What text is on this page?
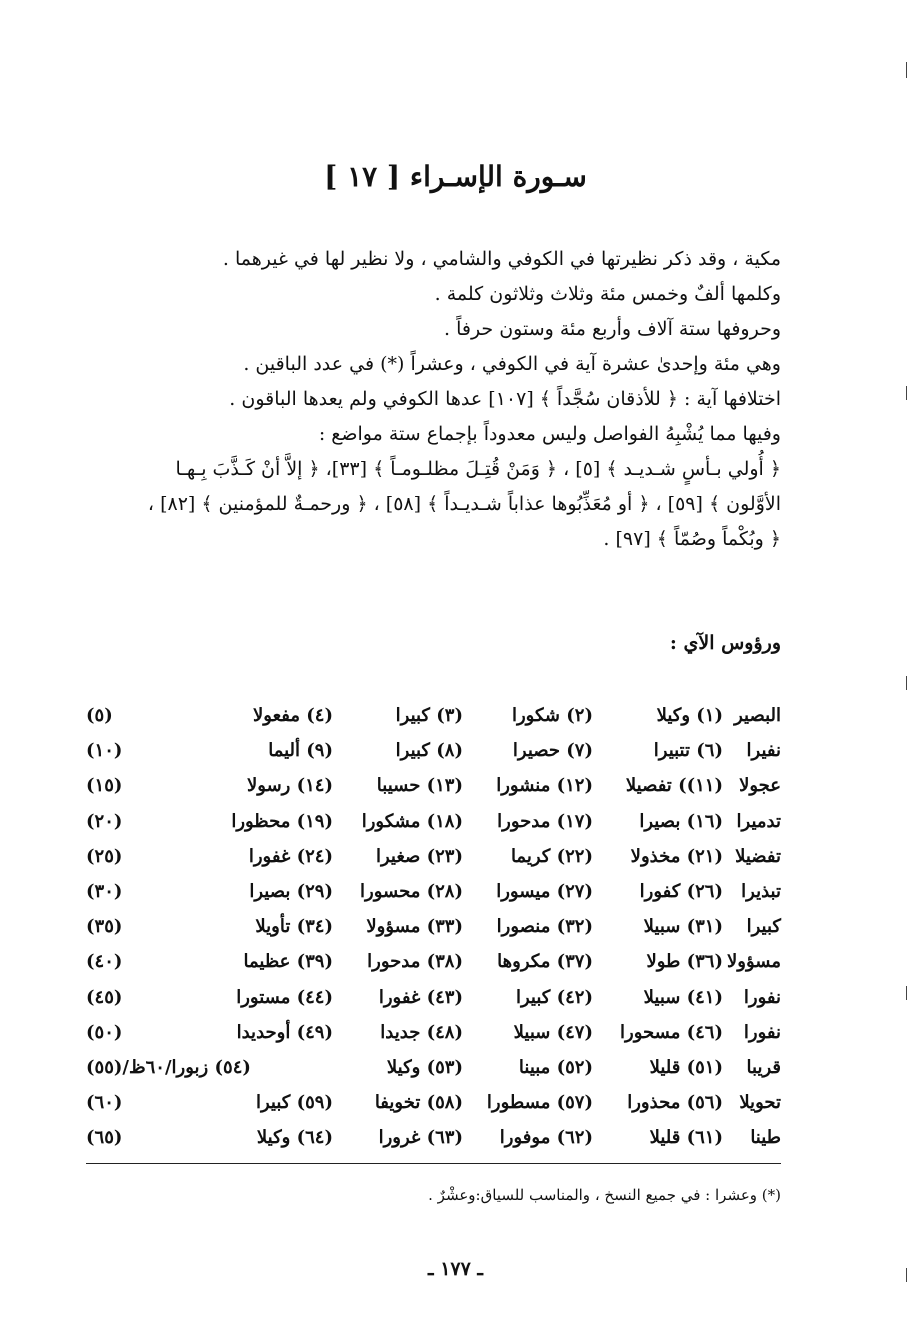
سـورة الإسـراء [ ١٧ ]

مكية ، وقد ذكر نظيرتها في الكوفي والشامي ، ولا نظير لها في غيرهما .

وكلمها ألفٌ وخمس مئة وثلاث وثلاثون كلمة .

وحروفها ستة آلاف وأربع مئة وستون حرفاً .

وهي مئة وإحدىٰ عشرة آية في الكوفي ، وعشراً (*) في عدد الباقين .

اختلافها آية : ﴿ للأذقان سُجَّداً ﴾ [١٠٧] عدها الكوفي ولم يعدها الباقون .

وفيها مما يُشْبِهُ الفواصل وليس معدوداً بإجماع ستة مواضع :

﴿ أُولي بـأسٍ شـديـد ﴾ [٥] ، ﴿ وَمَنْ قُتِـلَ مظلـومـاً ﴾ [٣٣]، ﴿ إلاَّ أنْ كَـذَّبَ بِـهـا

الأوَّلون ﴾ [٥٩] ، ﴿ أو مُعَذِّبُوها عذاباً شـديـداً ﴾ [٥٨] ، ﴿ ورحمـةٌ للمؤمنين ﴾ [٨٢] ،

﴿ وبُكْماً وصُمّاً ﴾ [٩٧] .

ورؤوس الآي :
البصير
(١) وكيلا
(٢) شكورا
(٣) كبيرا
(٤) مفعولا
(٥)
نفيرا
(٦) تتبيرا
(٧) حصيرا
(٨) كبيرا
(٩) أليما
(١٠)
عجولا
(١١)) تفصيلا
(١٢) منشورا
(١٣) حسيبا
(١٤) رسولا
(١٥)
تدميرا
(١٦) بصيرا
(١٧) مدحورا
(١٨) مشكورا
(١٩) محظورا
(٢٠)
تفضيلا
(٢١) مخذولا
(٢٢) كريما
(٢٣) صغيرا
(٢٤) غفورا
(٢٥)
تبذيرا
(٢٦) كفورا
(٢٧) ميسورا
(٢٨) محسورا
(٢٩) بصيرا
(٣٠)
كبيرا
(٣١) سبيلا
(٣٢) منصورا
(٣٣) مسؤولا
(٣٤) تأويلا
(٣٥)
مسؤولا
(٣٦) طولا
(٣٧) مكروها
(٣٨) مدحورا
(٣٩) عظيما
(٤٠)
نفورا
(٤١) سبيلا
(٤٢) كبيرا
(٤٣) غفورا
(٤٤) مستورا
(٤٥)
نفورا
(٤٦) مسحورا
(٤٧) سبيلا
(٤٨) جديدا
(٤٩) أوحديدا
(٥٠)
قريبا
(٥١) قليلا
(٥٢) مبينا
(٥٣) وكيلا
(٥٤) زبورا/٦٠ظ/(٥٥)
تحويلا
(٥٦) محذورا
(٥٧) مسطورا
(٥٨) تخويفا
(٥٩) كبيرا
(٦٠)
طينا
(٦١) قليلا
(٦٢) موفورا
(٦٣) غرورا
(٦٤) وكيلا
(٦٥)
(*) وعشرا : في جميع النسخ ، والمناسب للسياق:وعشْرٌ .
ـ ١٧٧ ـ
